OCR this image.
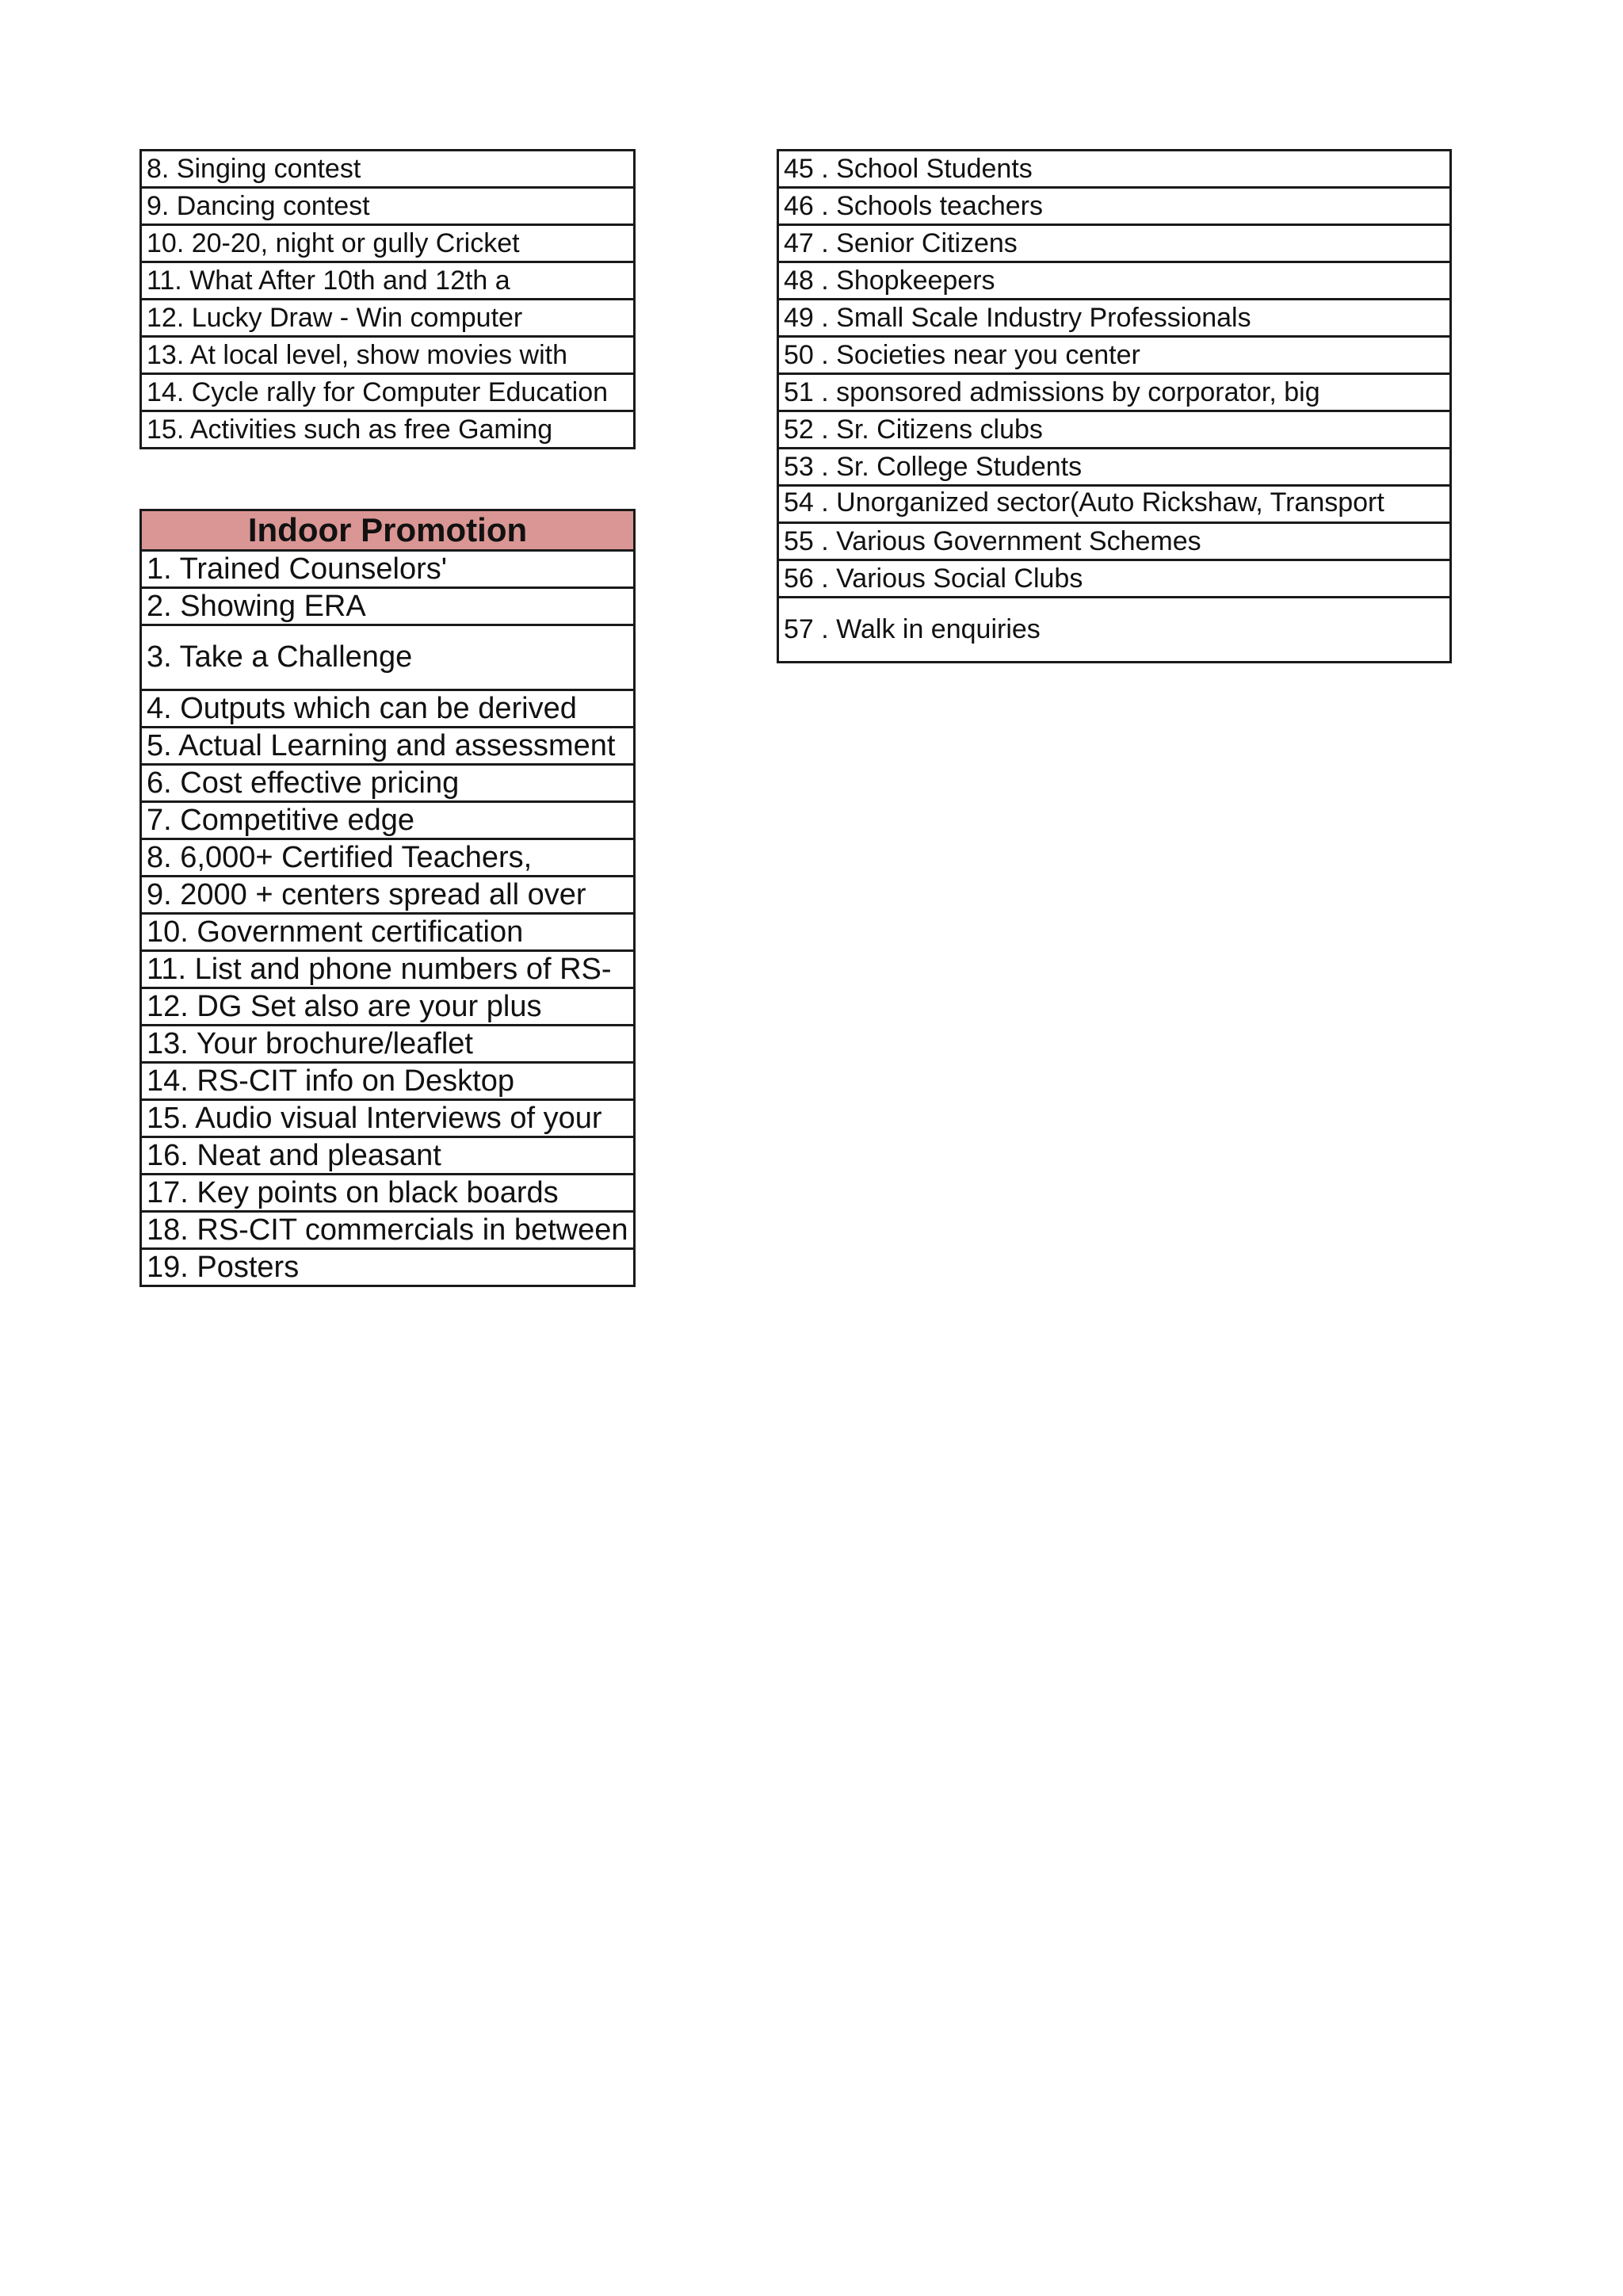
8. Singing contest
9. Dancing contest
10. 20-20, night or gully Cricket
11. What After 10th and 12th a
12. Lucky Draw - Win computer
13. At local level, show movies with
14. Cycle rally for Computer Education
15. Activities such as free Gaming
Indoor Promotion
1. Trained Counselors'
2. Showing ERA
3. Take a Challenge
4. Outputs which can be derived
5. Actual Learning and assessment
6. Cost effective pricing
7. Competitive edge
8. 6,000+ Certified Teachers,
9. 2000 + centers spread all over
10. Government certification
11. List and phone numbers of RS-
12. DG Set also are your plus
13. Your brochure/leaflet
14. RS-CIT info on Desktop
15. Audio visual Interviews of your
16. Neat and pleasant
17. Key points on black boards
18. RS-CIT commercials in between
19. Posters
45 . School Students
46 . Schools teachers
47 . Senior Citizens
48 . Shopkeepers
49 . Small Scale Industry Professionals
50 . Societies near you center
51 . sponsored admissions by corporator, big
52 . Sr. Citizens clubs
53 . Sr. College Students
54 . Unorganized sector(Auto Rickshaw, Transport
55 . Various Government Schemes
56 . Various Social Clubs
57 . Walk in enquiries
